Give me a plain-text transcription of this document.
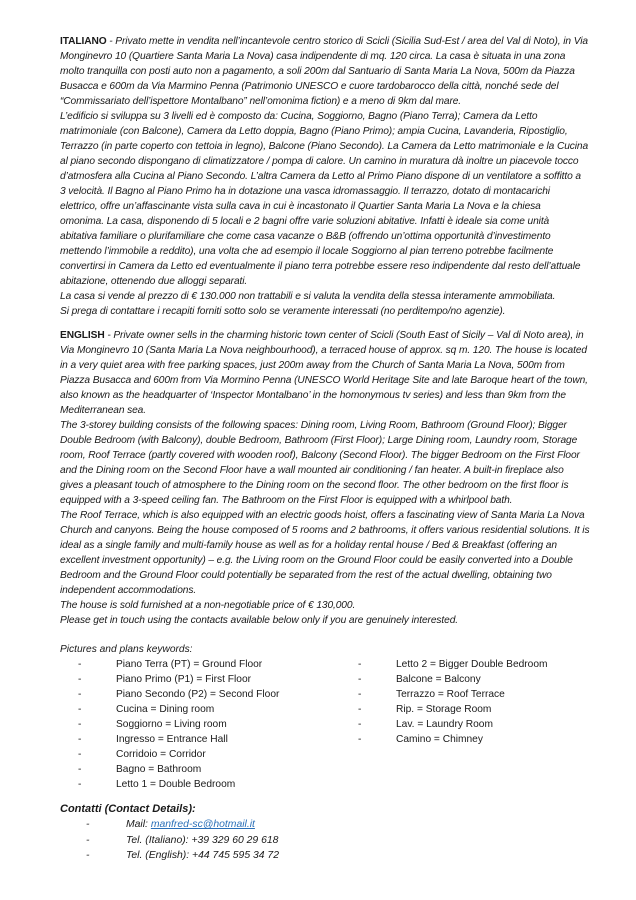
ITALIANO - Privato mette in vendita nell’incantevole centro storico di Scicli (Sicilia Sud-Est / area del Val di Noto), in Via
Monginevro 10 (Quartiere Santa Maria La Nova) casa indipendente di mq. 120 circa. La casa è situata in una zona
molto tranquilla con posti auto non a pagamento, a soli 200m dal Santuario di Santa Maria La Nova, 500m da Piazza
Busacca e 600m da Via Marmino Penna (Patrimonio UNESCO e cuore tardobarocco della città, nonché sede del
“Commissariato dell’ispettore Montalbano” nell’omonima fiction) e a meno di 9km dal mare.
L’edificio si sviluppa su 3 livelli ed è composto da: Cucina, Soggiorno, Bagno (Piano Terra); Camera da Letto
matrimoniale (con Balcone), Camera da Letto doppia, Bagno (Piano Primo); ampia Cucina, Lavanderia, Ripostiglio,
Terrazzo (in parte coperto con tettoia in legno), Balcone (Piano Secondo). La Camera da Letto matrimoniale e la Cucina
al piano secondo dispongano di climatizzatore / pompa di calore. Un camino in muratura dà inoltre un piacevole tocco
d’atmosfera alla Cucina al Piano Secondo. L’altra Camera da Letto al Primo Piano dispone di un ventilatore a soffitto a
3 velocità. Il Bagno al Piano Primo ha in dotazione una vasca idromassaggio. Il terrazzo, dotato di montacarichi
elettrico, offre un’affascinante vista sulla cava in cui è incastonato il Quartier Santa Maria La Nova e la chiesa
omonima. La casa, disponendo di 5 locali e 2 bagni offre varie soluzioni abitative. Infatti è ideale sia come unità
abitativa familiare o plurifamiliare che come casa vacanze o B&B (offrendo un’ottima opportunità d’investimento
mettendo l’immobile a reddito), una volta che ad esempio il locale Soggiorno al pian terreno potrebbe facilmente
convertirsi in Camera da Letto ed eventualmente il piano terra potrebbe essere reso indipendente dal resto dell’attuale
abitazione, ottenendo due alloggi separati.
La casa si vende al prezzo di € 130.000 non trattabili e si valuta la vendita della stessa interamente ammobiliata.
Si prega di contattare i recapiti forniti sotto solo se veramente interessati (no perditempo/no agenzie).
ENGLISH - Private owner sells in the charming historic town center of Scicli (South East of Sicily – Val di Noto area), in
Via Monginevro 10 (Santa Maria La Nova neighbourhood), a terraced house of approx. sq m. 120. The house is located
in a very quiet area with free parking spaces, just 200m away from the Church of Santa Maria La Nova, 500m from
Piazza Busacca and 600m from Via Mormino Penna (UNESCO World Heritage Site and late Baroque heart of the town,
also known as the headquarter of ‘Inspector Montalbano’ in the homonymous tv series) and less than 9km from the
Mediterranean sea.
The 3-storey building consists of the following spaces: Dining room, Living Room, Bathroom (Ground Floor); Bigger
Double Bedroom (with Balcony), double Bedroom, Bathroom (First Floor); Large Dining room, Laundry room, Storage
room, Roof Terrace (partly covered with wooden roof), Balcony (Second Floor). The bigger Bedroom on the First Floor
and the Dining room on the Second Floor have a wall mounted air conditioning / fan heater. A built-in fireplace also
gives a pleasant touch of atmosphere to the Dining room on the second floor. The other bedroom on the first floor is
equipped with a 3-speed ceiling fan. The Bathroom on the First Floor is equipped with a whirlpool bath.
The Roof Terrace, which is also equipped with an electric goods hoist, offers a fascinating view of Santa Maria La Nova
Church and canyons. Being the house composed of 5 rooms and 2 bathrooms, it offers various residential solutions. It is
ideal as a single family and multi-family house as well as for a holiday rental house / Bed & Breakfast (offering an
excellent investment opportunity) – e.g. the Living room on the Ground Floor could be easily converted into a Double
Bedroom and the Ground Floor could potentially be separated from the rest of the actual dwelling, obtaining two
independent accommodations.
The house is sold furnished at a non-negotiable price of € 130,000.
Please get in touch using the contacts available below only if you are genuinely interested.
Pictures and plans keywords:
-	Piano Terra (PT) = Ground Floor
-	Piano Primo (P1) = First Floor
-	Piano Secondo (P2) = Second Floor
-	Cucina = Dining room
-	Soggiorno = Living room
-	Ingresso = Entrance Hall
-	Corridoio = Corridor
-	Bagno = Bathroom
-	Letto 1 = Double Bedroom
-	Letto 2 = Bigger Double Bedroom
-	Balcone = Balcony
-	Terrazzo = Roof Terrace
-	Rip. = Storage Room
-	Lav. = Laundry Room
-	Camino = Chimney
Contatti (Contact Details):
-	Mail: manfred-sc@hotmail.it
-	Tel. (Italiano): +39 329 60 29 618
-	Tel. (English): +44 745 595 34 72
